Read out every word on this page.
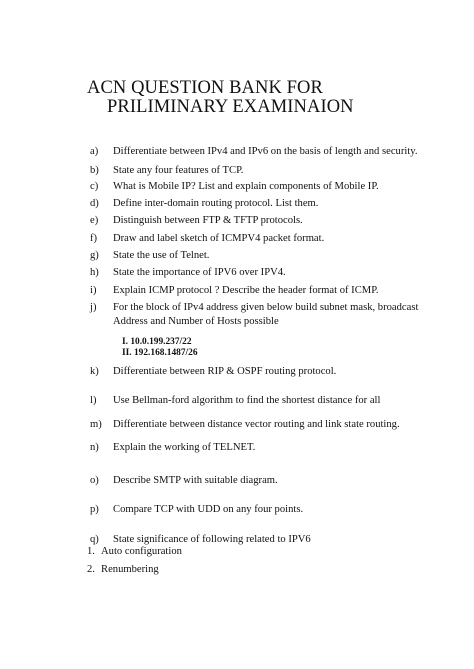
ACN QUESTION BANK FOR
PRILIMINARY EXAMINAION
a)	Differentiate between IPv4 and IPv6 on the basis of length and security.
b)	State any four features of TCP.
c)	What is Mobile IP? List and explain components of Mobile IP.
d)	Define inter-domain routing protocol. List them.
e)	Distinguish between FTP & TFTP protocols.
f)	Draw and label sketch of ICMPV4 packet format.
g)	State the use of Telnet.
h)	State the importance of IPV6 over IPV4.
i)	Explain ICMP protocol ? Describe the header format of ICMP.
j)	For the block of IPv4 address given below build subnet mask, broadcast Address and Number of Hosts possible
I. 10.0.199.237/22
II. 192.168.1487/26
k)	Differentiate between RIP & OSPF routing protocol.
l)	Use Bellman-ford algorithm to find the shortest distance for all
m)	Differentiate between distance vector routing and link state routing.
n)	Explain the working of TELNET.
o)	Describe SMTP with suitable diagram.
p)	Compare TCP with UDD on any four points.
q)	State significance of following related to IPV6
1. Auto configuration
2. Renumbering
